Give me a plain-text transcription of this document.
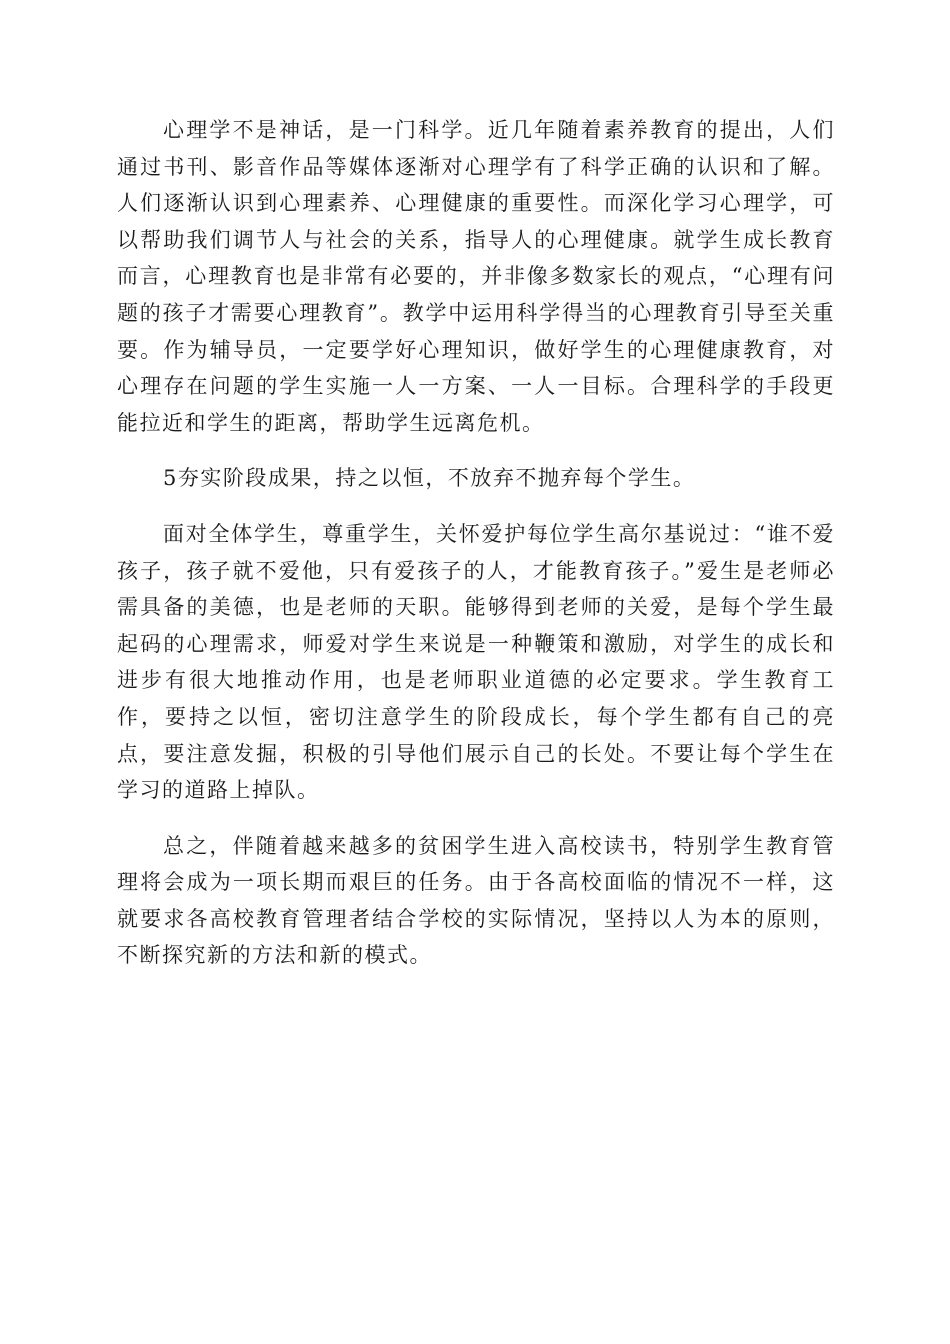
心理学不是神话，是一门科学。近几年随着素养教育的提出，人们通过书刊、影音作品等媒体逐渐对心理学有了科学正确的认识和了解。人们逐渐认识到心理素养、心理健康的重要性。而深化学习心理学，可以帮助我们调节人与社会的关系，指导人的心理健康。就学生成长教育而言，心理教育也是非常有必要的，并非像多数家长的观点，“心理有问题的孩子才需要心理教育”。教学中运用科学得当的心理教育引导至关重要。作为辅导员，一定要学好心理知识，做好学生的心理健康教育，对心理存在问题的学生实施一人一方案、一人一目标。合理科学的手段更能拉近和学生的距离，帮助学生远离危机。

5夯实阶段成果，持之以恒，不放弃不抛弃每个学生。

面对全体学生，尊重学生，关怀爱护每位学生高尔基说过：“谁不爱孩子，孩子就不爱他，只有爱孩子的人，才能教育孩子。”爱生是老师必需具备的美德，也是老师的天职。能够得到老师的关爱，是每个学生最起码的心理需求，师爱对学生来说是一种鞭策和激励，对学生的成长和进步有很大地推动作用，也是老师职业道德的必定要求。学生教育工作，要持之以恒，密切注意学生的阶段成长，每个学生都有自己的亮点，要注意发掘，积极的引导他们展示自己的长处。不要让每个学生在学习的道路上掉队。

总之，伴随着越来越多的贫困学生进入高校读书，特别学生教育管理将会成为一项长期而艰巨的任务。由于各高校面临的情况不一样，这就要求各高校教育管理者结合学校的实际情况，坚持以人为本的原则，不断探究新的方法和新的模式。
